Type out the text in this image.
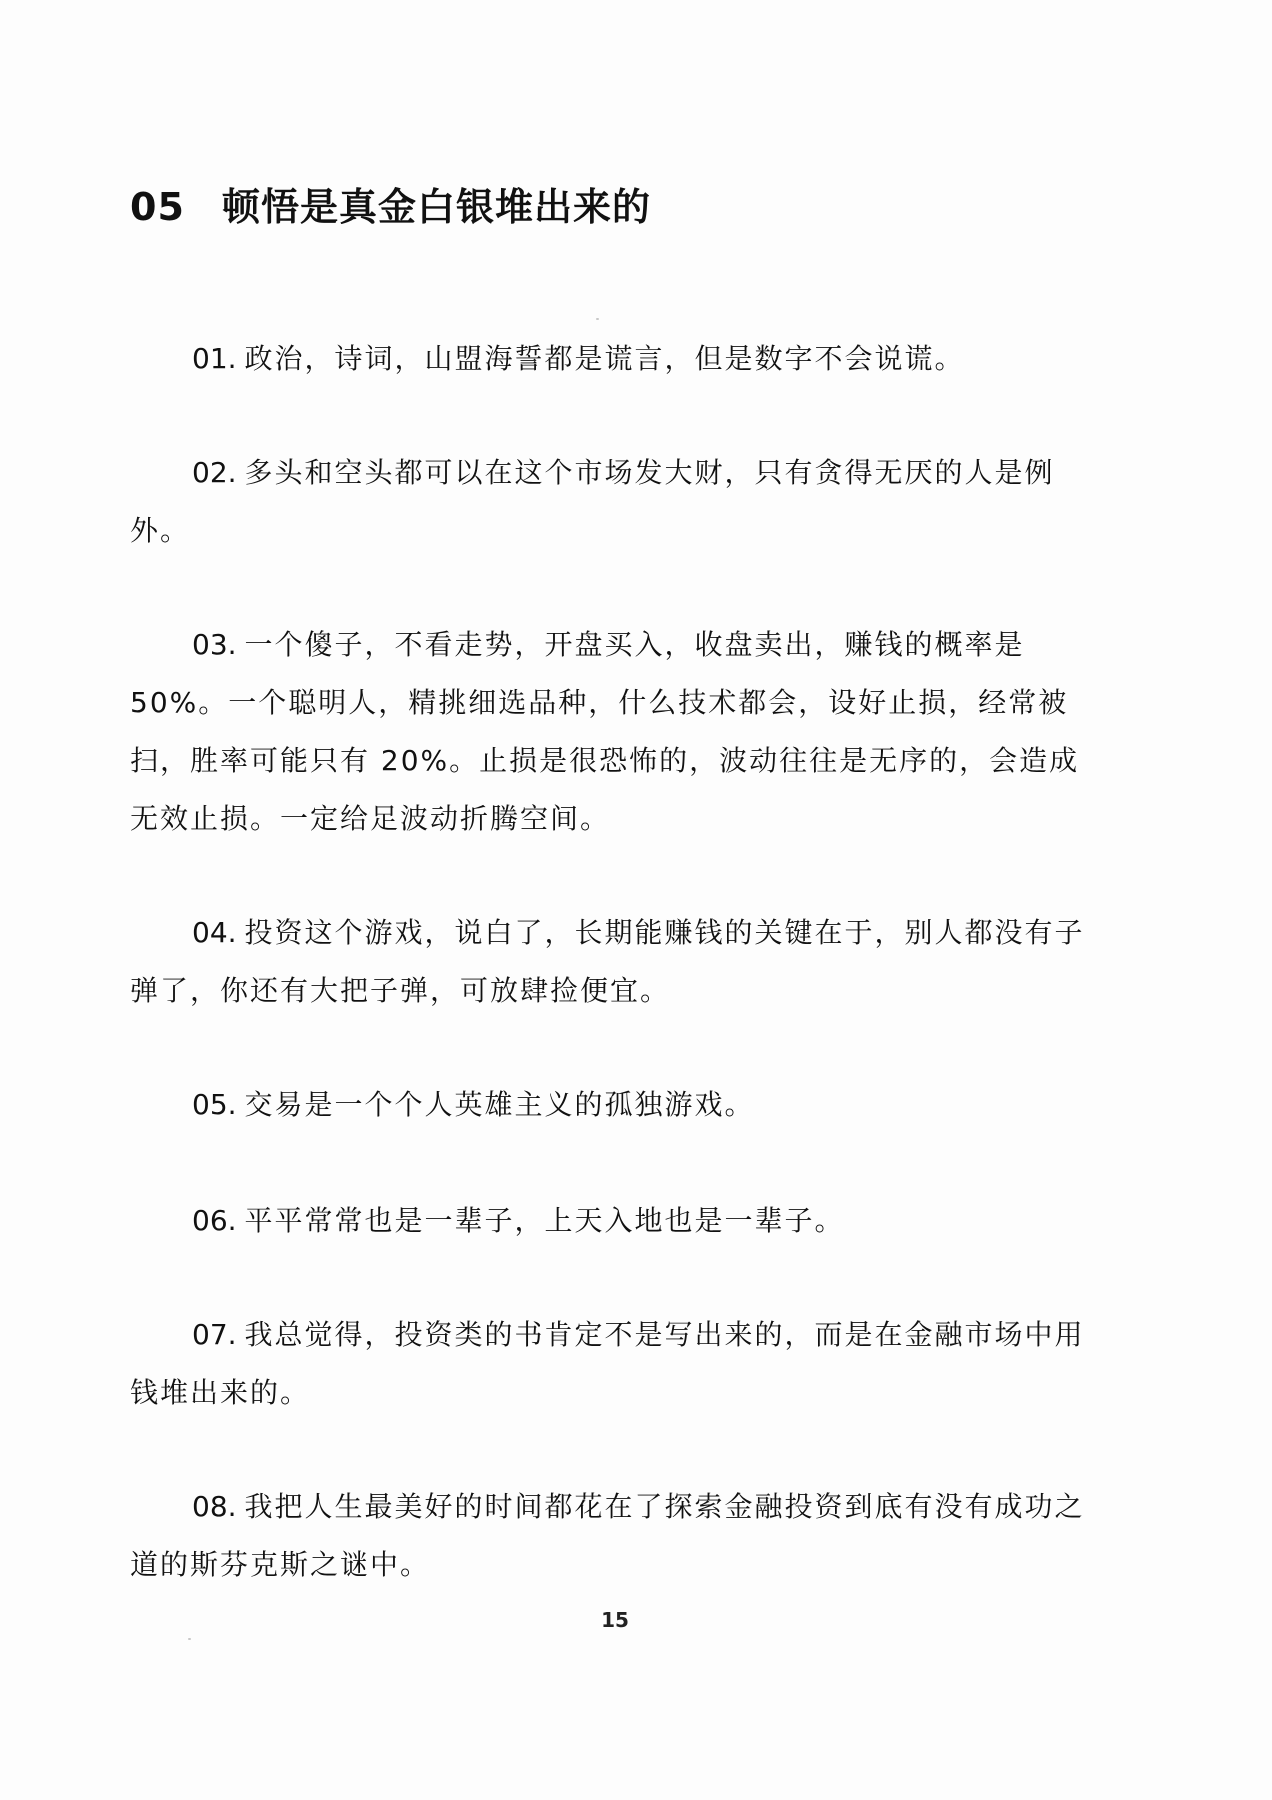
05 顿悟是真金白银堆出来的

01. 政治，诗词，山盟海誓都是谎言，但是数字不会说谎。

02. 多头和空头都可以在这个市场发大财，只有贪得无厌的人是例外。

03. 一个傻子，不看走势，开盘买入，收盘卖出，赚钱的概率是50%。一个聪明人，精挑细选品种，什么技术都会，设好止损，经常被扫，胜率可能只有 20%。止损是很恐怖的，波动往往是无序的，会造成无效止损。一定给足波动折腾空间。

04. 投资这个游戏，说白了，长期能赚钱的关键在于，别人都没有子弹了，你还有大把子弹，可放肆捡便宜。

05. 交易是一个个人英雄主义的孤独游戏。

06. 平平常常也是一辈子，上天入地也是一辈子。

07. 我总觉得，投资类的书肯定不是写出来的，而是在金融市场中用钱堆出来的。

08. 我把人生最美好的时间都花在了探索金融投资到底有没有成功之道的斯芬克斯之谜中。

15
